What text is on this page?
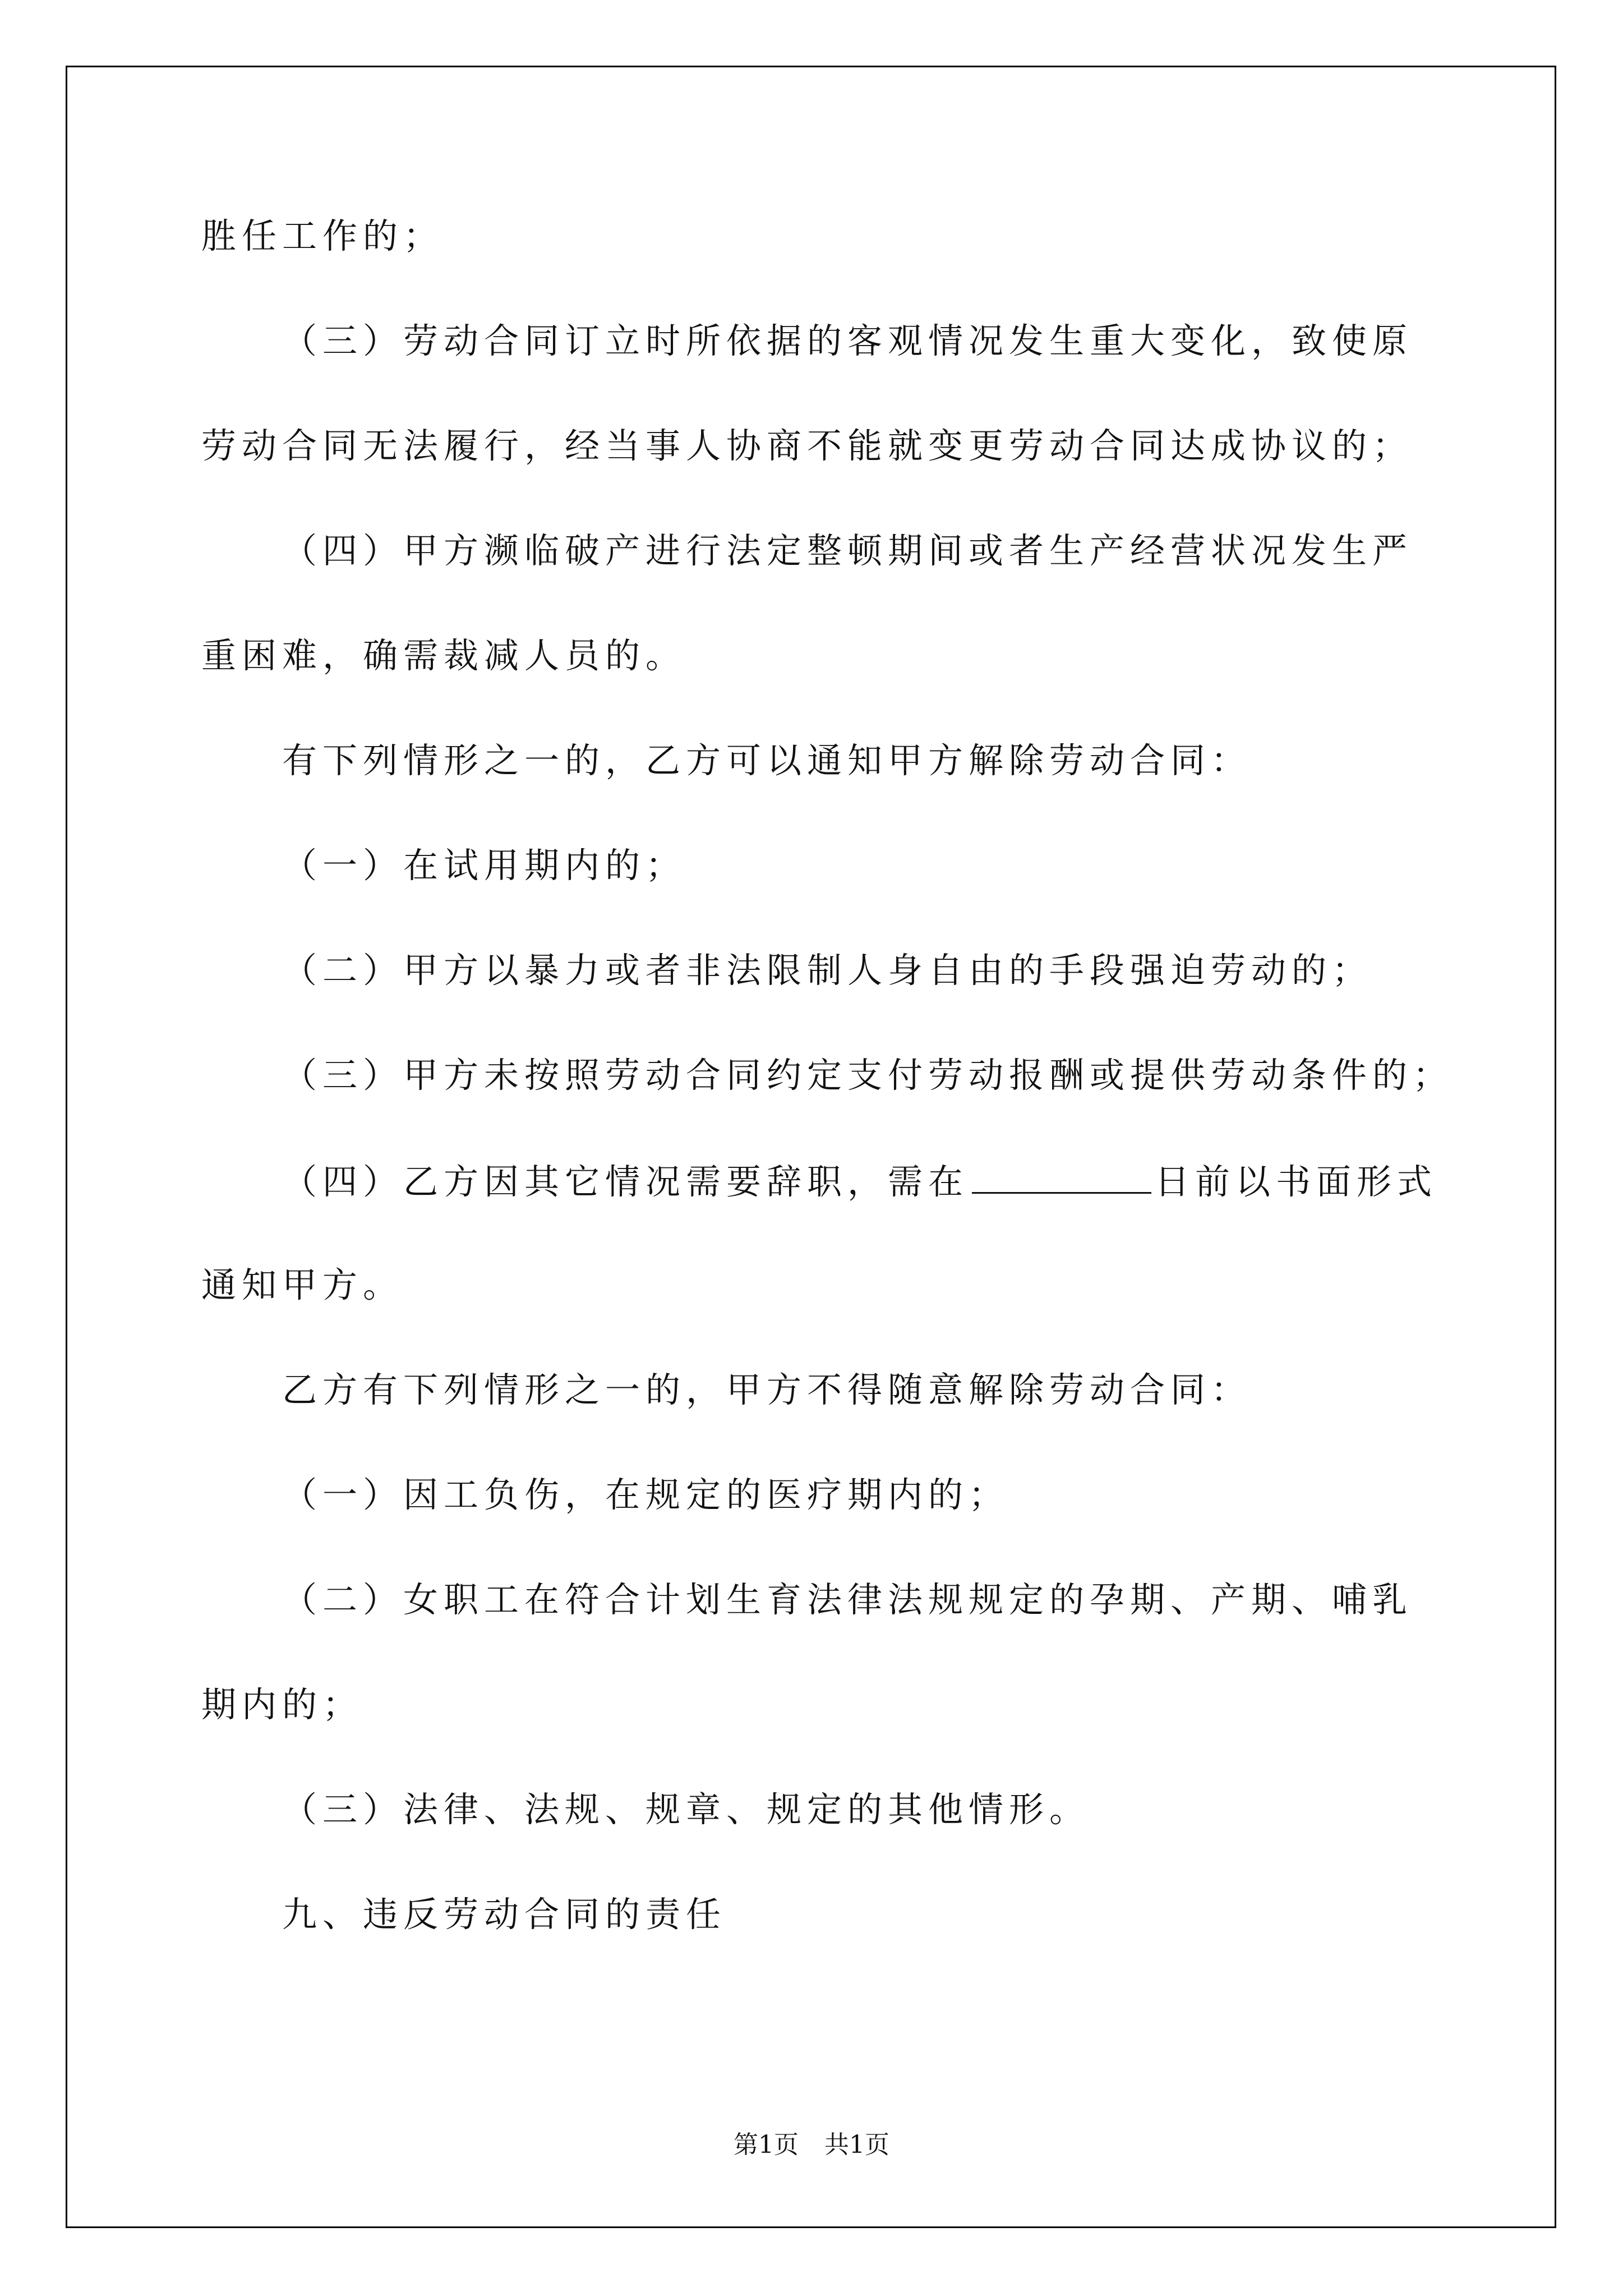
胜任工作的；

（三）劳动合同订立时所依据的客观情况发生重大变化，致使原

劳动合同无法履行，经当事人协商不能就变更劳动合同达成协议的；

（四）甲方濒临破产进行法定整顿期间或者生产经营状况发生严

重困难，确需裁减人员的。

有下列情形之一的，乙方可以通知甲方解除劳动合同：

（一）在试用期内的；

（二）甲方以暴力或者非法限制人身自由的手段强迫劳动的；

（三）甲方未按照劳动合同约定支付劳动报酬或提供劳动条件的；

（四）乙方因其它情况需要辞职，需在	日前以书面形式

通知甲方。

乙方有下列情形之一的，甲方不得随意解除劳动合同：

（一）因工负伤，在规定的医疗期内的；

（二）女职工在符合计划生育法律法规规定的孕期、产期、哺乳

期内的；

（三）法律、法规、规章、规定的其他情形。

九、违反劳动合同的责任

第1页 共1页
